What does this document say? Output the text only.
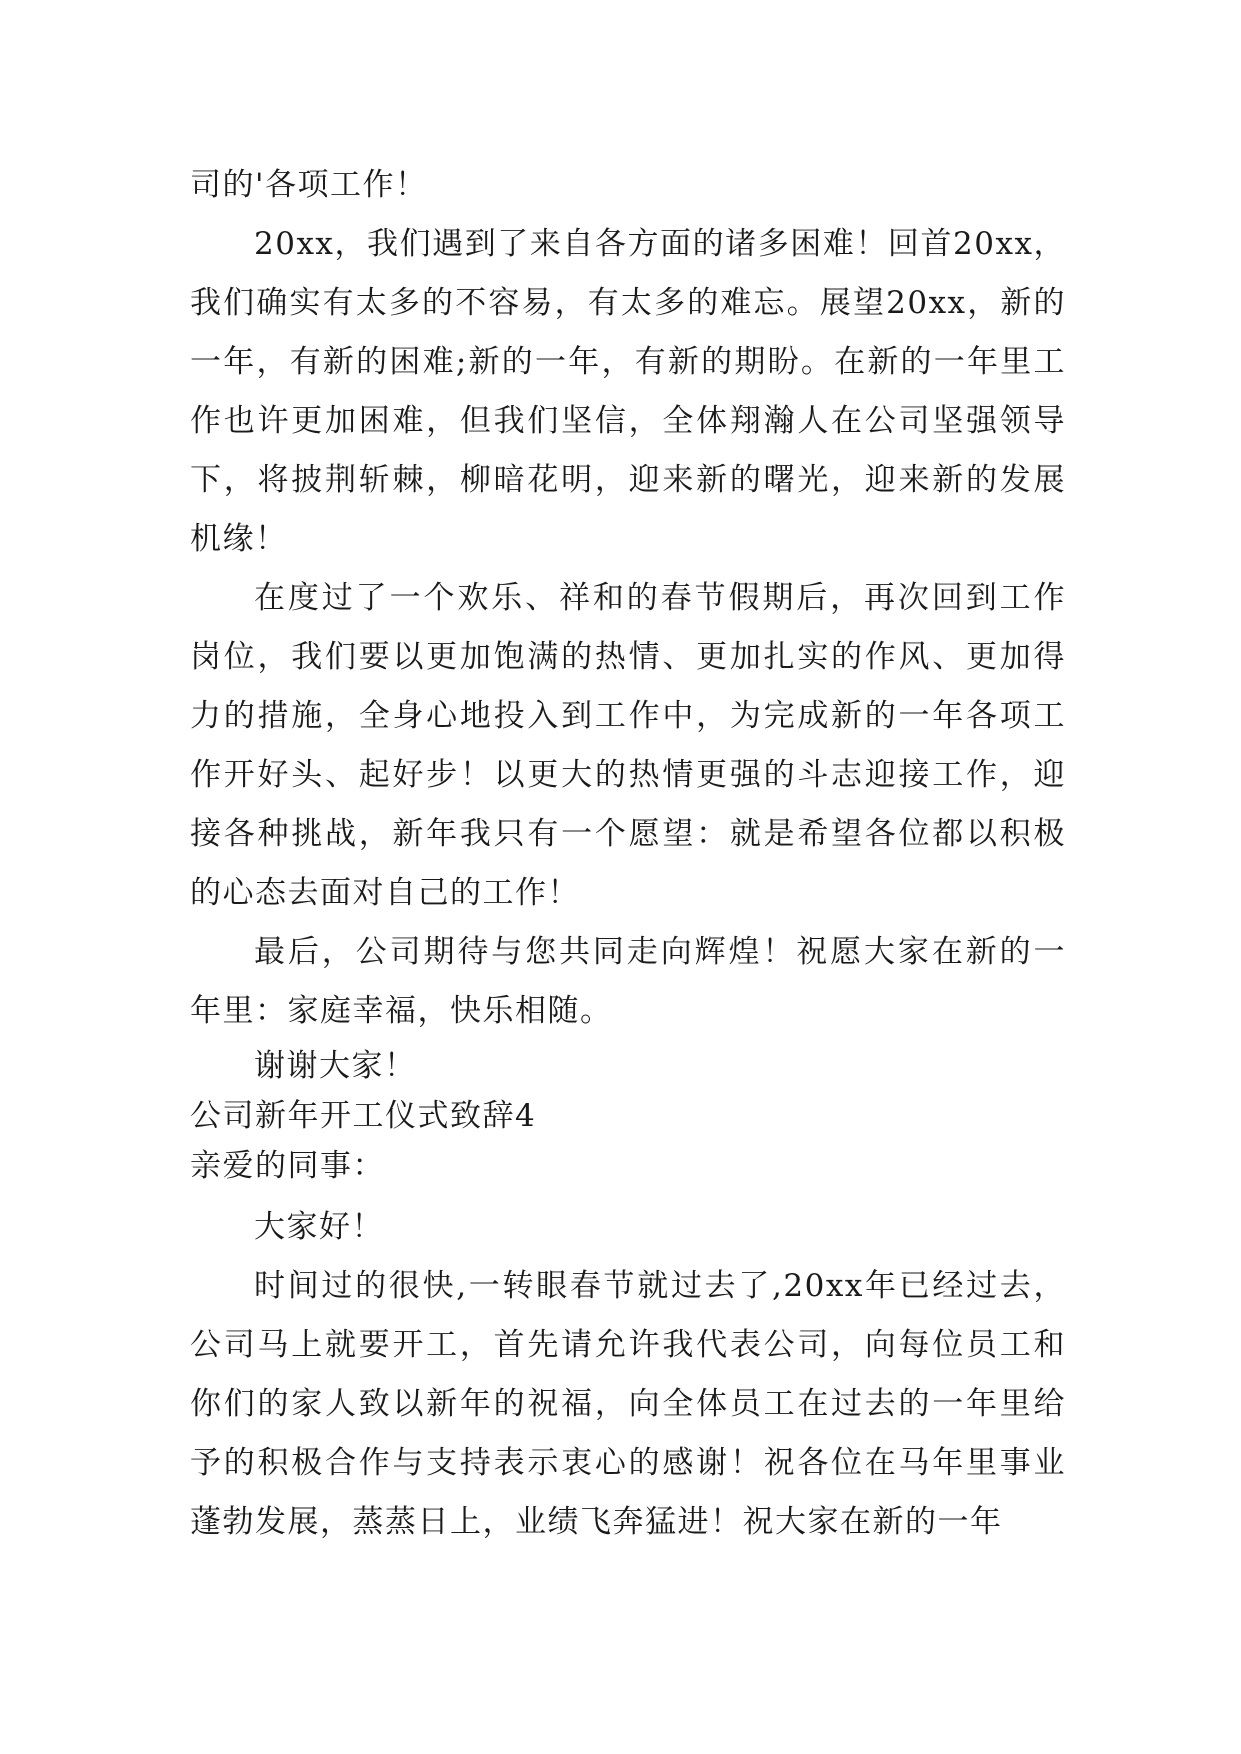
司的'各项工作！

20xx，我们遇到了来自各方面的诸多困难！回首20xx，我们确实有太多的不容易，有太多的难忘。展望20xx，新的一年，有新的困难;新的一年，有新的期盼。在新的一年里工作也许更加困难，但我们坚信，全体翔瀚人在公司坚强领导下，将披荆斩棘，柳暗花明，迎来新的曙光，迎来新的发展机缘！

在度过了一个欢乐、祥和的春节假期后，再次回到工作岗位，我们要以更加饱满的热情、更加扎实的作风、更加得力的措施，全身心地投入到工作中，为完成新的一年各项工作开好头、起好步！以更大的热情更强的斗志迎接工作，迎接各种挑战，新年我只有一个愿望：就是希望各位都以积极的心态去面对自己的工作！

最后，公司期待与您共同走向辉煌！祝愿大家在新的一年里：家庭幸福，快乐相随。

谢谢大家！

公司新年开工仪式致辞4

亲爱的同事：

大家好！

时间过的很快,一转眼春节就过去了,20xx年已经过去，公司马上就要开工，首先请允许我代表公司，向每位员工和你们的家人致以新年的祝福，向全体员工在过去的一年里给予的积极合作与支持表示衷心的感谢！祝各位在马年里事业蓬勃发展，蒸蒸日上，业绩飞奔猛进！祝大家在新的一年
